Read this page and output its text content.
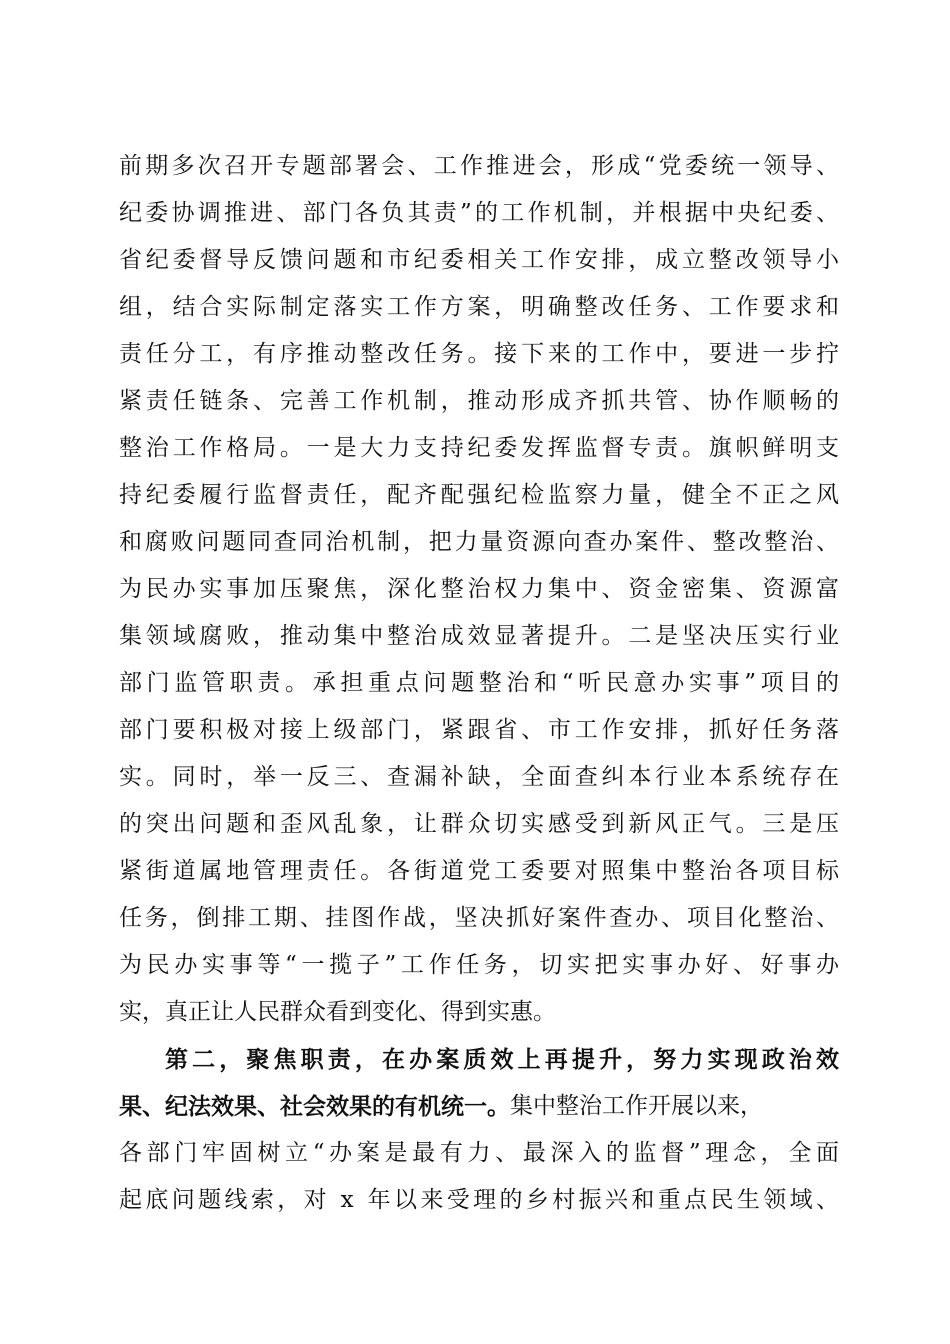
前期多次召开专题部署会、工作推进会，形成“党委统一领导、
纪委协调推进、部门各负其责”的工作机制，并根据中央纪委、
省纪委督导反馈问题和市纪委相关工作安排，成立整改领导小
组，结合实际制定落实工作方案，明确整改任务、工作要求和
责任分工，有序推动整改任务。接下来的工作中，要进一步拧
紧责任链条、完善工作机制，推动形成齐抓共管、协作顺畅的
整治工作格局。一是大力支持纪委发挥监督专责。旗帜鲜明支
持纪委履行监督责任，配齐配强纪检监察力量，健全不正之风
和腐败问题同查同治机制，把力量资源向查办案件、整改整治、
为民办实事加压聚焦，深化整治权力集中、资金密集、资源富
集领域腐败，推动集中整治成效显著提升。二是坚决压实行业
部门监管职责。承担重点问题整治和“听民意办实事”项目的
部门要积极对接上级部门，紧跟省、市工作安排，抓好任务落
实。同时，举一反三、查漏补缺，全面查纠本行业本系统存在
的突出问题和歪风乱象，让群众切实感受到新风正气。三是压
紧街道属地管理责任。各街道党工委要对照集中整治各项目标
任务，倒排工期、挂图作战，坚决抓好案件查办、项目化整治、
为民办实事等“一揽子”工作任务，切实把实事办好、好事办
实，真正让人民群众看到变化、得到实惠。
第二，聚焦职责，在办案质效上再提升，努力实现政治效
果、纪法效果、社会效果的有机统一。 集中整治工作开展以来，
各部门牢固树立“办案是最有力、最深入的监督”理念，全面
起底问题线索，对 x 年以来受理的乡村振兴和重点民生领域、
